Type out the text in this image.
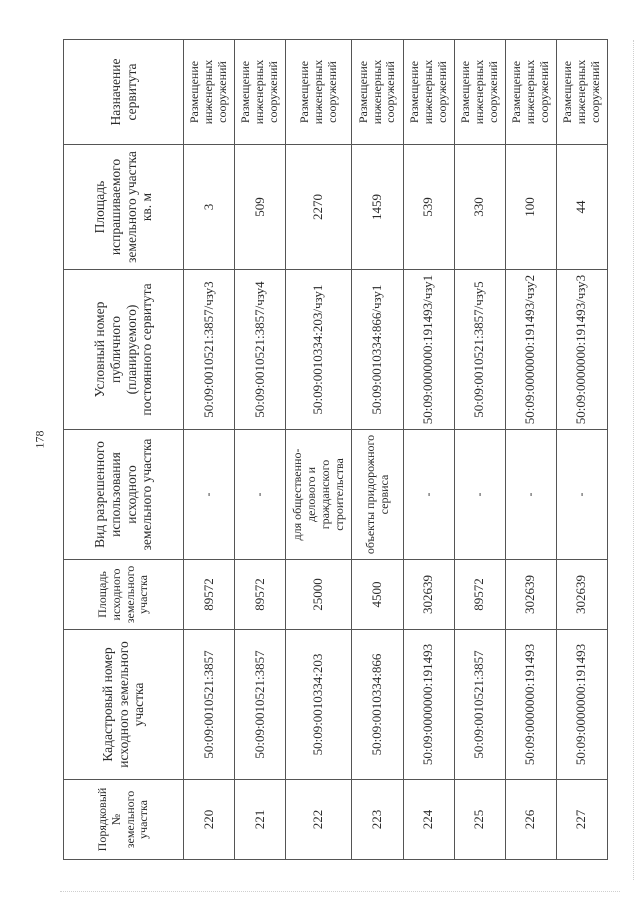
178
Порядковый № земельного участка	Кадастровый номер исходного земельного участка	Площадь исходного земельного участка	Вид разрешенного использования исходного земельного участка	Условный номер публичного (планируемого) постоянного сервитута	Площадь испрашиваемого земельного участка кв. м	Назначение сервитута
220	50:09:0010521:3857	89572	-	50:09:0010521:3857/чзу3	3	Размещение инженерных сооружений
221	50:09:0010521:3857	89572	-	50:09:0010521:3857/чзу4	509	Размещение инженерных сооружений
222	50:09:0010334:203	25000	для общественно-делового и гражданского строительства	50:09:0010334:203/чзу1	2270	Размещение инженерных сооружений
223	50:09:0010334:866	4500	объекты придорожного сервиса	50:09:0010334:866/чзу1	1459	Размещение инженерных сооружений
224	50:09:0000000:191493	302639	-	50:09:0000000:191493/чзу1	539	Размещение инженерных сооружений
225	50:09:0010521:3857	89572	-	50:09:0010521:3857/чзу5	330	Размещение инженерных сооружений
226	50:09:0000000:191493	302639	-	50:09:0000000:191493/чзу2	100	Размещение инженерных сооружений
227	50:09:0000000:191493	302639	-	50:09:0000000:191493/чзу3	44	Размещение инженерных сооружений
